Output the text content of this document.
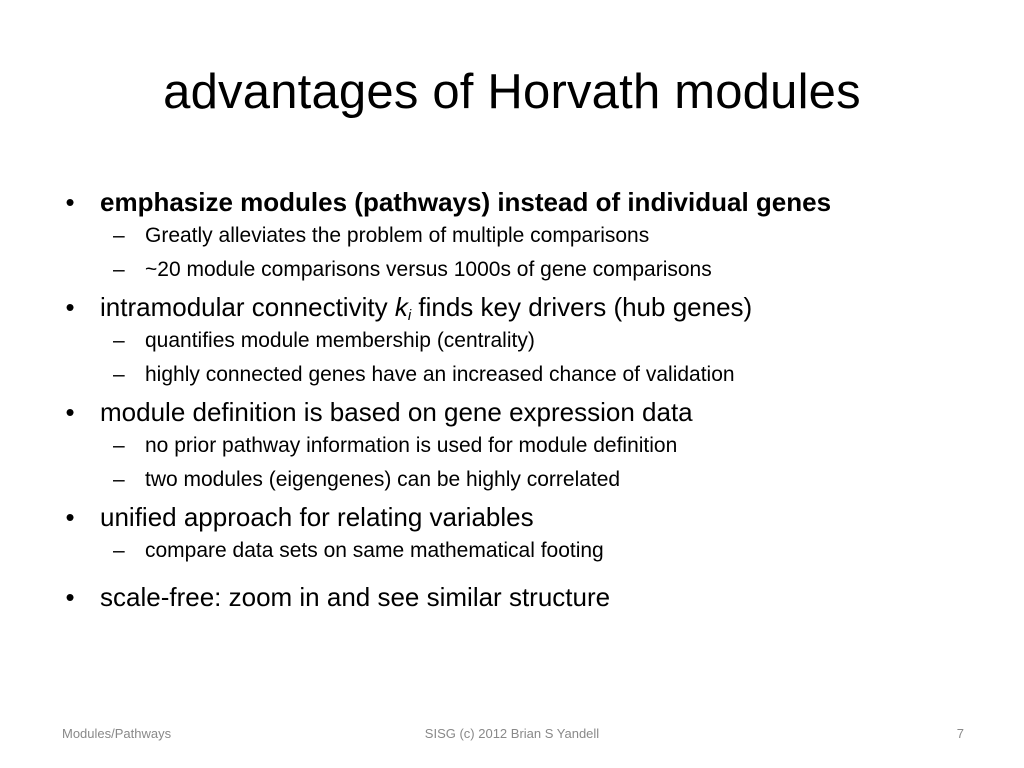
advantages of Horvath modules
• emphasize modules (pathways) instead of individual genes
– Greatly alleviates the problem of multiple comparisons
– ~20 module comparisons versus 1000s of gene comparisons
• intramodular connectivity $k_i$ finds key drivers (hub genes)
– quantifies module membership (centrality)
– highly connected genes have an increased chance of validation
• module definition is based on gene expression data
– no prior pathway information is used for module definition
– two modules (eigengenes) can be highly correlated
• unified approach for relating variables
– compare data sets on same mathematical footing
• scale-free: zoom in and see similar structure
Modules/Pathways	SISG (c) 2012 Brian S Yandell	7
